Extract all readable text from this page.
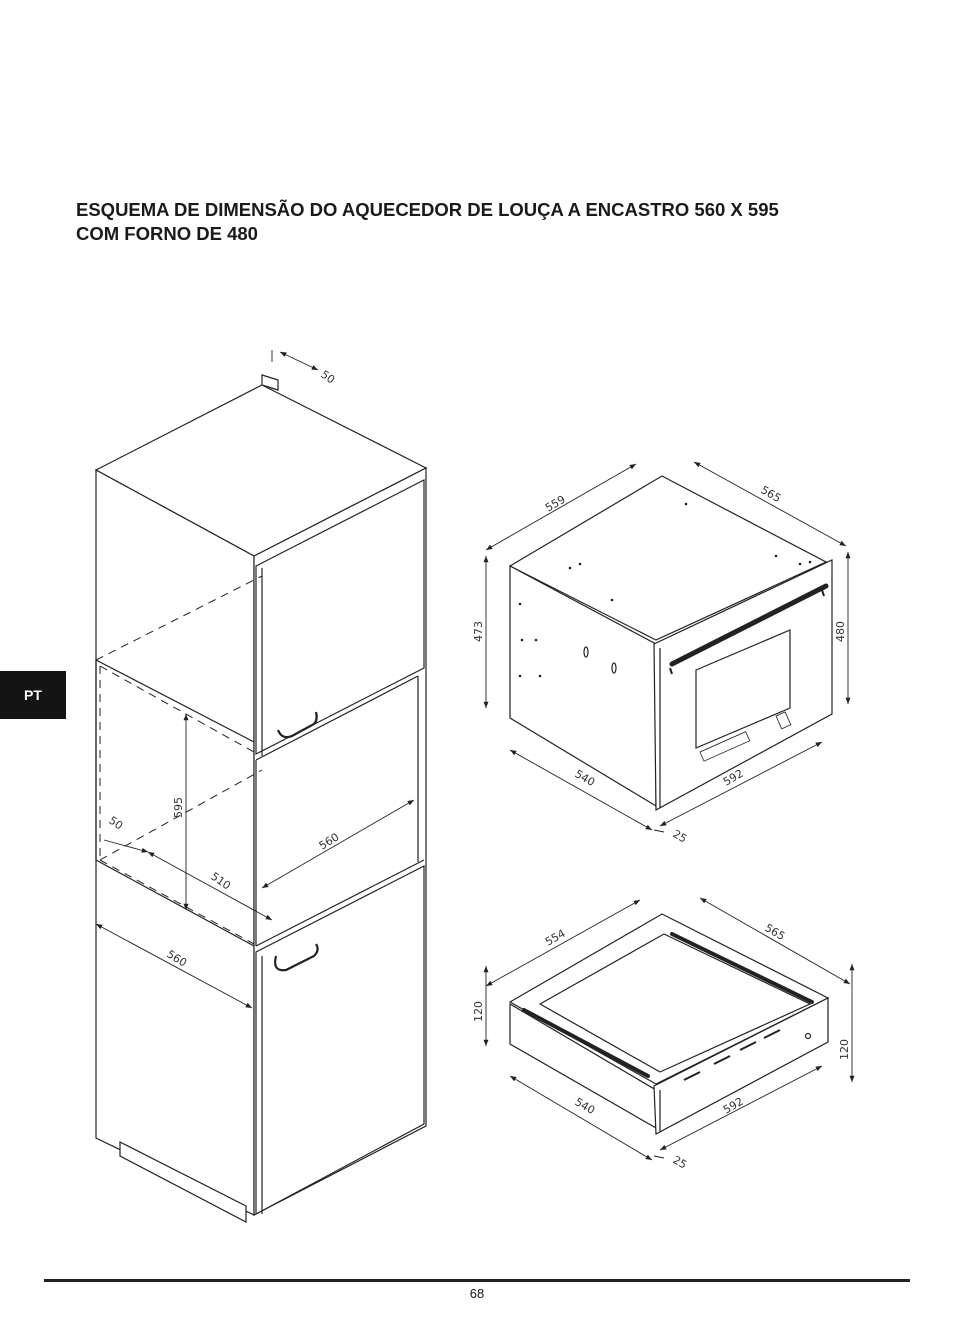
ESQUEMA DE DIMENSÃO DO AQUECEDOR DE LOUÇA A ENCASTRO 560 X 595
COM FORNO DE 480
PT
50
595
50
510
560
560
559	565
473	480
540	592
25
554	565
120
120
540	592
25
68
